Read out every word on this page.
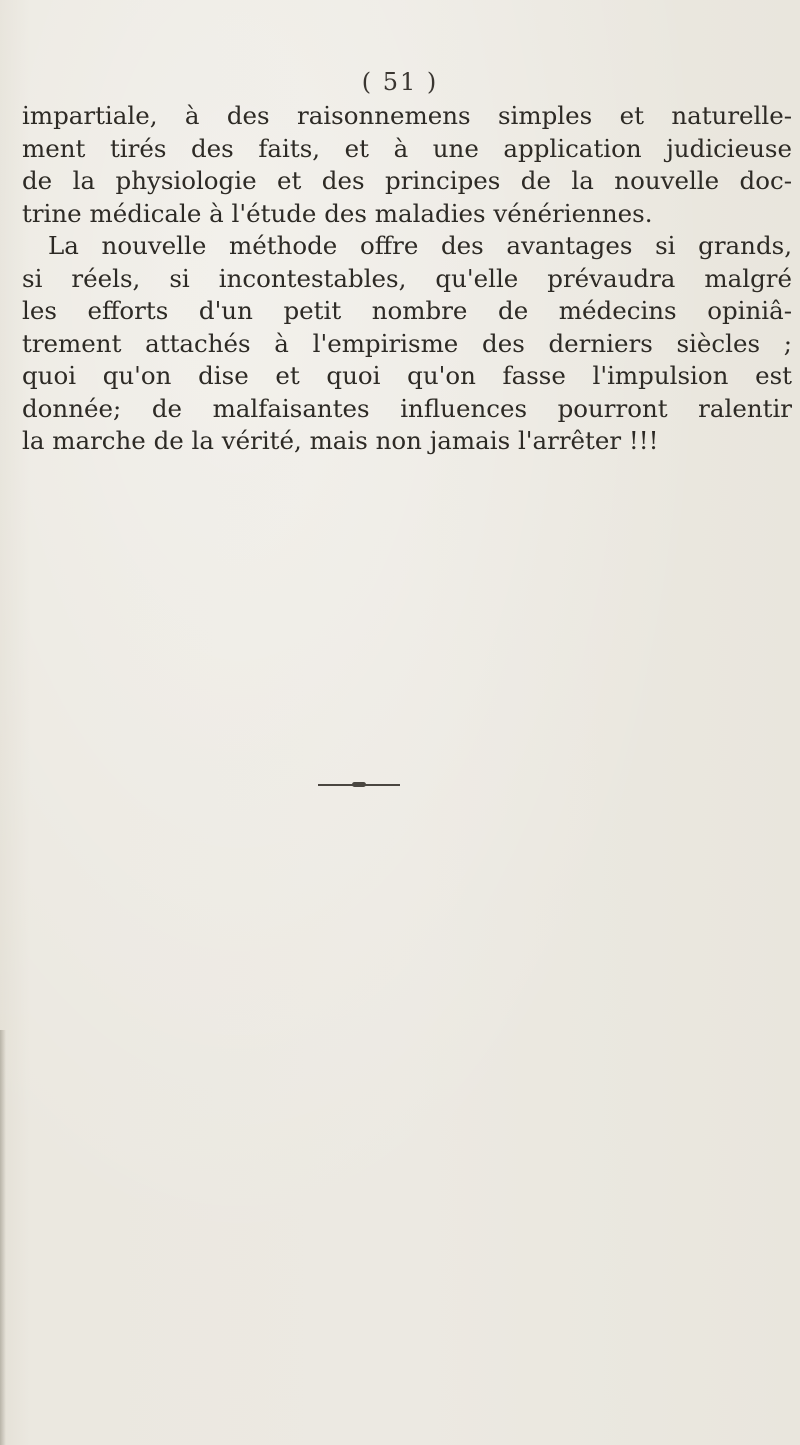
( 51 )
impartiale, à des raisonnemens simples et naturelle-
ment tirés des faits, et à une application judicieuse
de la physiologie et des principes de la nouvelle doc-
trine médicale à l'étude des maladies vénériennes.
La nouvelle méthode offre des avantages si grands,
si réels, si incontestables, qu'elle prévaudra malgré
les efforts d'un petit nombre de médecins opiniâ-
trement attachés à l'empirisme des derniers siècles ;
quoi qu'on dise et quoi qu'on fasse l'impulsion est
donnée; de malfaisantes influences pourront ralentir
la marche de la vérité, mais non jamais l'arrêter !!!
